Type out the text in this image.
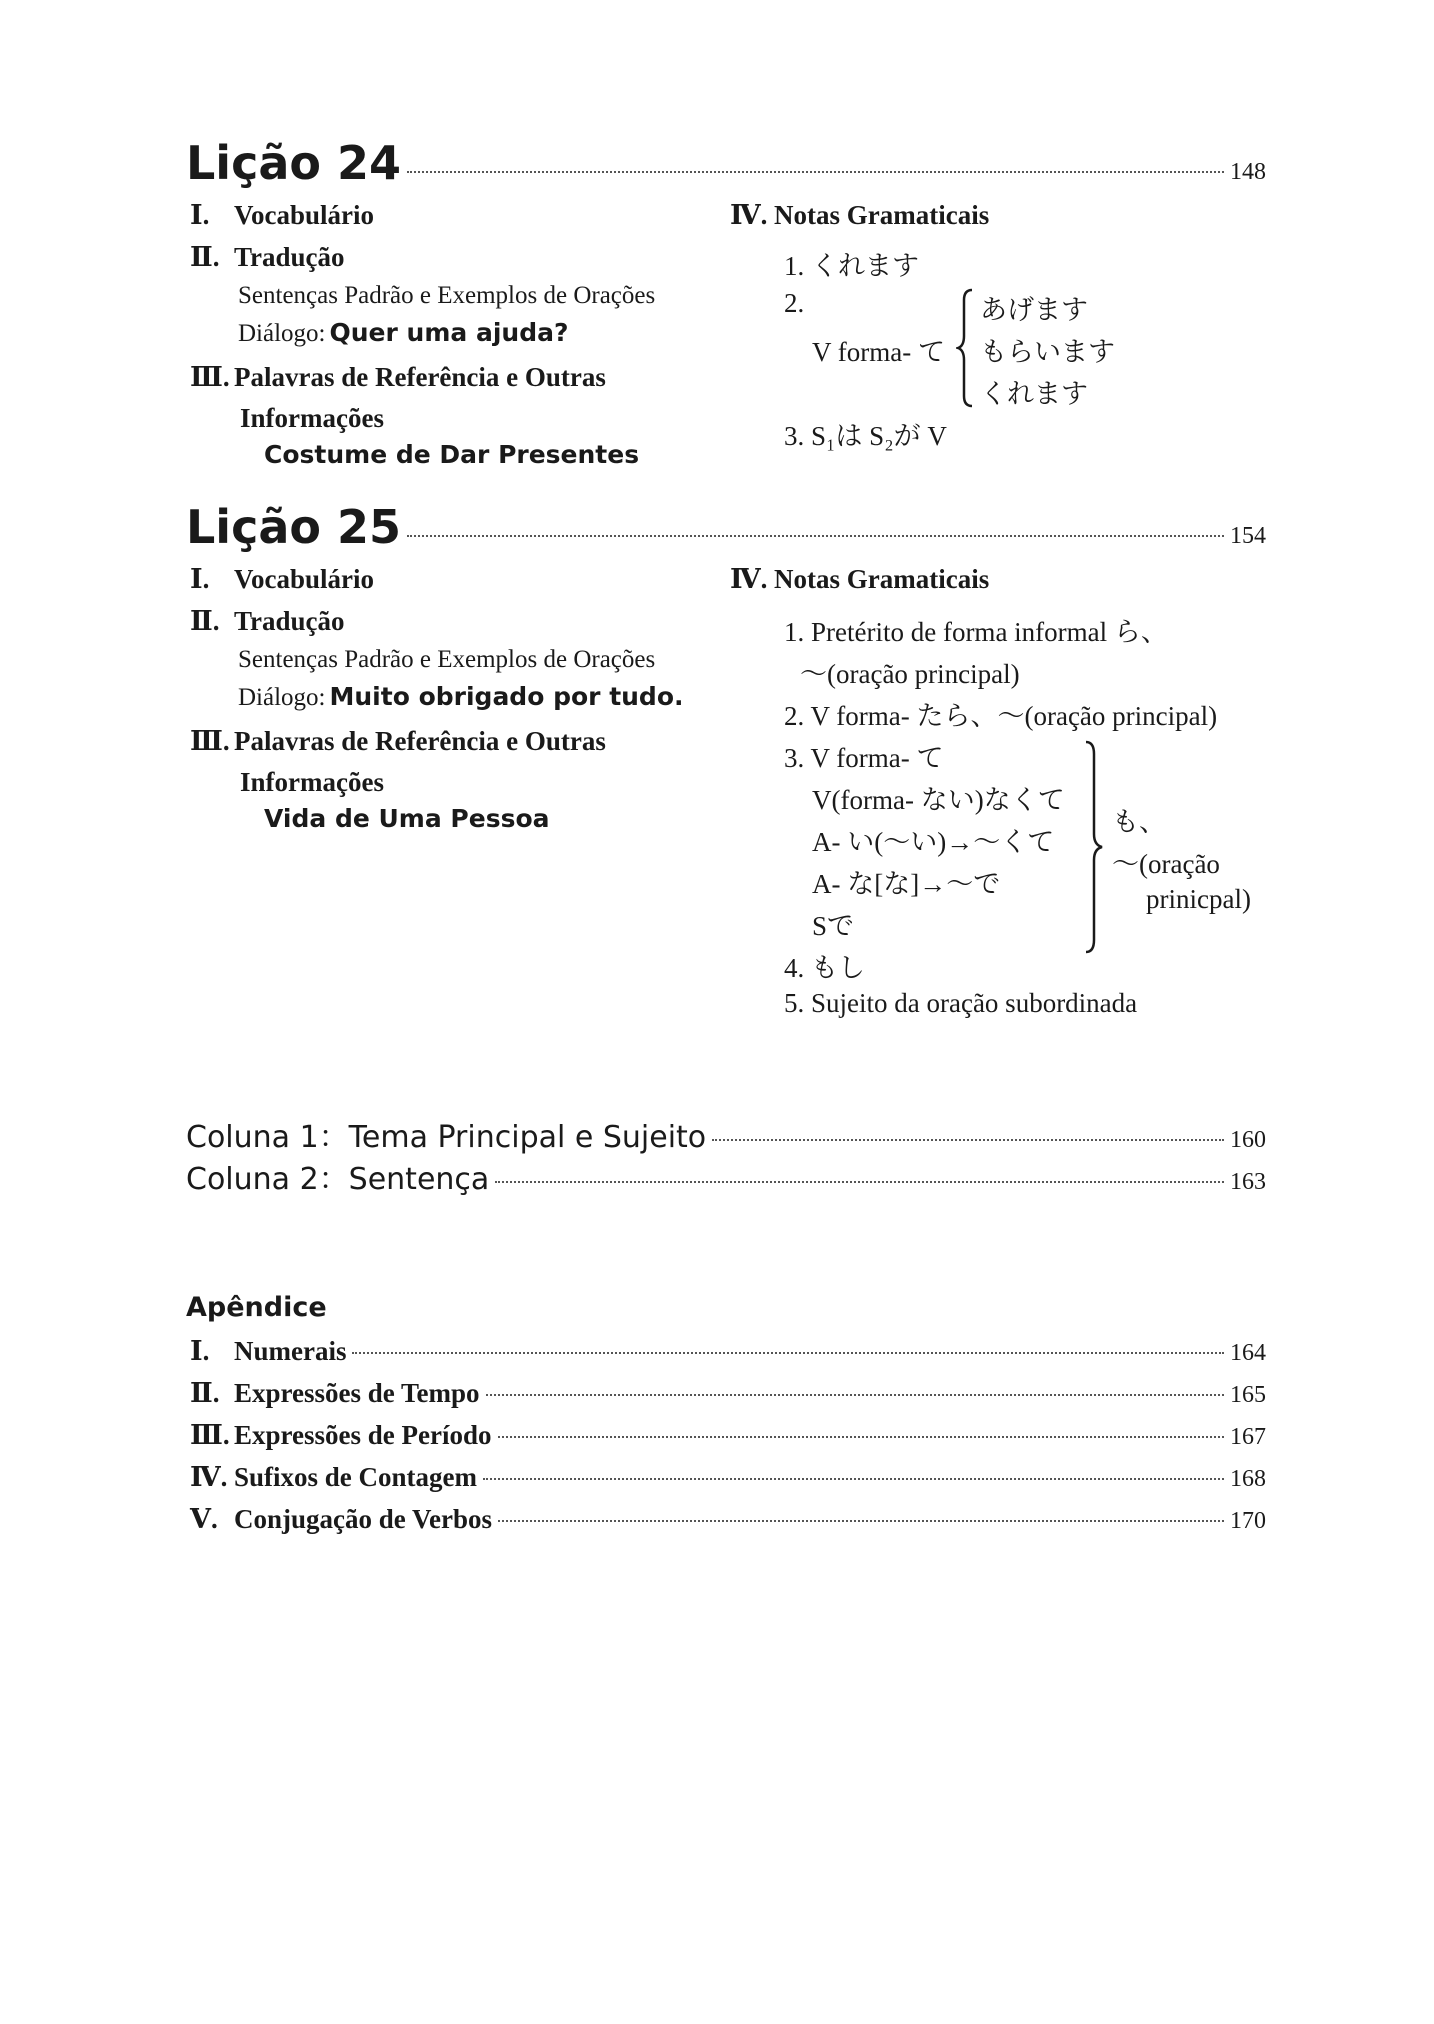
Lição 24	148
Ⅰ. Vocabulário
Ⅱ. Tradução
Sentenças Padrão e Exemplos de Orações
Diálogo: Quer uma ajuda?
Ⅲ. Palavras de Referência e Outras
Informações
Costume de Dar Presentes
Ⅳ. Notas Gramaticais
1. くれます
2.
V forma- て
あげます
もらいます
くれます
3. S₁は S₂が V
Lição 25	154
Ⅰ. Vocabulário
Ⅱ. Tradução
Sentenças Padrão e Exemplos de Orações
Diálogo: Muito obrigado por tudo.
Ⅲ. Palavras de Referência e Outras
Informações
Vida de Uma Pessoa
Ⅳ. Notas Gramaticais
1. Pretérito de forma informal ら、
～(oração principal)
2. V forma- たら、～(oração principal)
3. V forma- て
V(forma- ない)なくて
A- い(～い)→～くて
A- な[な]→～で
Sで
も、
～(oração
prinicpal)
4. もし
5. Sujeito da oração subordinada
Coluna 1：Tema Principal e Sujeito	160
Coluna 2：Sentença	163
Apêndice
Ⅰ. Numerais	164
Ⅱ. Expressões de Tempo	165
Ⅲ. Expressões de Período	167
Ⅳ. Sufixos de Contagem	168
Ⅴ. Conjugação de Verbos	170
